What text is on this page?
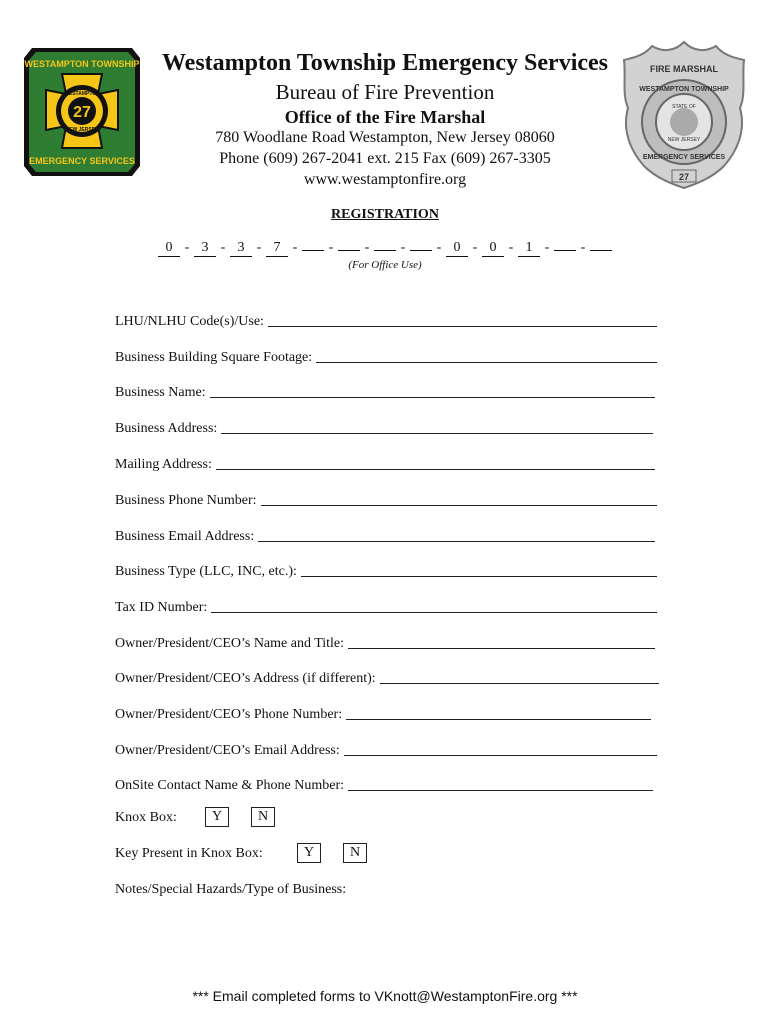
27
WESTAMPTON TOWNSHIP
EMERGENCY SERVICES
WESTAMPTON
NEW JERSEY
FIRE MARSHAL
WESTAMPTON TOWNSHIP
EMERGENCY SERVICES
STATE OF
NEW JERSEY
27
Westampton Township Emergency Services
Bureau of Fire Prevention
Office of the Fire Marshal
780 Woodlane Road Westampton, New Jersey 08060
Phone (609) 267-2041 ext. 215 Fax (609) 267-3305
www.westamptonfire.org
REGISTRATION
0 - 3 - 3 - 7 - - - - - 0 - 0 - 1 - -
(For Office Use)
LHU/NLHU Code(s)/Use:
Business Building Square Footage:
Business Name:
Business Address:
Mailing Address:
Business Phone Number:
Business Email Address:
Business Type (LLC, INC, etc.):
Tax ID Number:
Owner/President/CEO’s Name and Title:
Owner/President/CEO’s Address (if different):
Owner/President/CEO’s Phone Number:
Owner/President/CEO’s Email Address:
OnSite Contact Name & Phone Number:
Knox Box:	Y	N
Key Present in Knox Box:	Y	N
Notes/Special Hazards/Type of Business:
*** Email completed forms to VKnott@WestamptonFire.org ***
